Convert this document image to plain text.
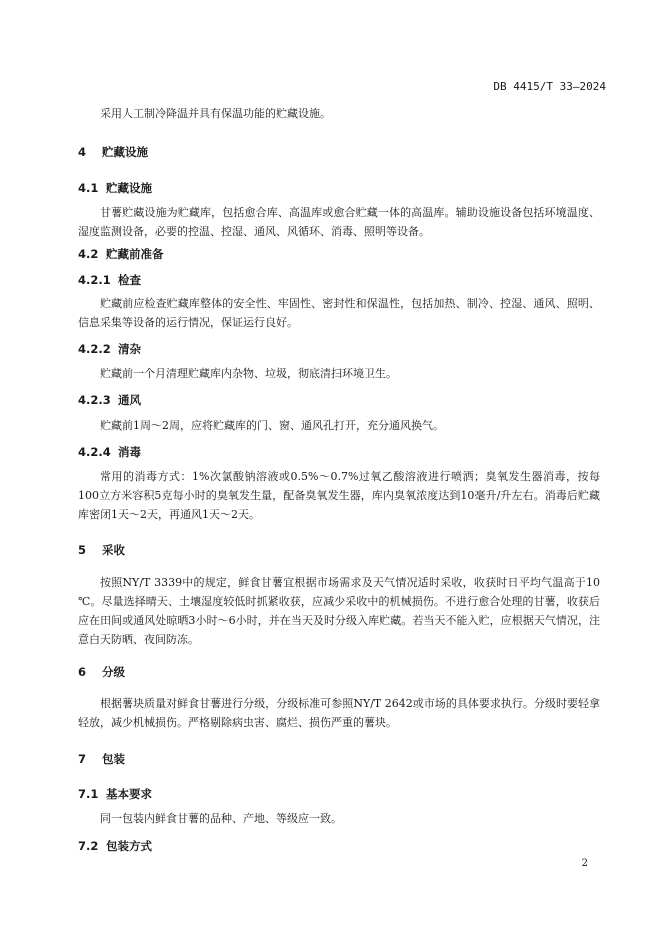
DB 4415/T 33—2024

采用人工制冷降温并具有保温功能的贮藏设施。

4 贮藏设施
4.1 贮藏设施

甘薯贮藏设施为贮藏库，包括愈合库、高温库或愈合贮藏一体的高温库。辅助设施设备包括环境温度、湿度监测设备，必要的控温、控湿、通风、风循环、消毒、照明等设备。

4.2 贮藏前准备
4.2.1 检查

贮藏前应检查贮藏库整体的安全性、牢固性、密封性和保温性，包括加热、制冷、控湿、通风、照明、信息采集等设备的运行情况，保证运行良好。

4.2.2 清杂

贮藏前一个月清理贮藏库内杂物、垃圾，彻底清扫环境卫生。

4.2.3 通风

贮藏前1周～2周，应将贮藏库的门、窗、通风孔打开，充分通风换气。

4.2.4 消毒

常用的消毒方式：1%次氯酸钠溶液或0.5%～0.7%过氧乙酸溶液进行喷洒；臭氧发生器消毒，按每100立方米容积5克每小时的臭氧发生量，配备臭氧发生器，库内臭氧浓度达到10毫升/升左右。消毒后贮藏库密闭1天～2天，再通风1天～2天。

5 采收

按照NY/T 3339中的规定，鲜食甘薯宜根据市场需求及天气情况适时采收，收获时日平均气温高于10 ℃。尽量选择晴天、土壤湿度较低时抓紧收获，应减少采收中的机械损伤。不进行愈合处理的甘薯，收获后应在田间或通风处晾晒3小时～6小时，并在当天及时分级入库贮藏。若当天不能入贮，应根据天气情况，注意白天防晒、夜间防冻。

6 分级

根据薯块质量对鲜食甘薯进行分级，分级标准可参照NY/T 2642或市场的具体要求执行。分级时要轻拿轻放，减少机械损伤。严格剔除病虫害、腐烂、损伤严重的薯块。

7 包装
7.1 基本要求

同一包装内鲜食甘薯的品种、产地、等级应一致。

7.2 包装方式
2
